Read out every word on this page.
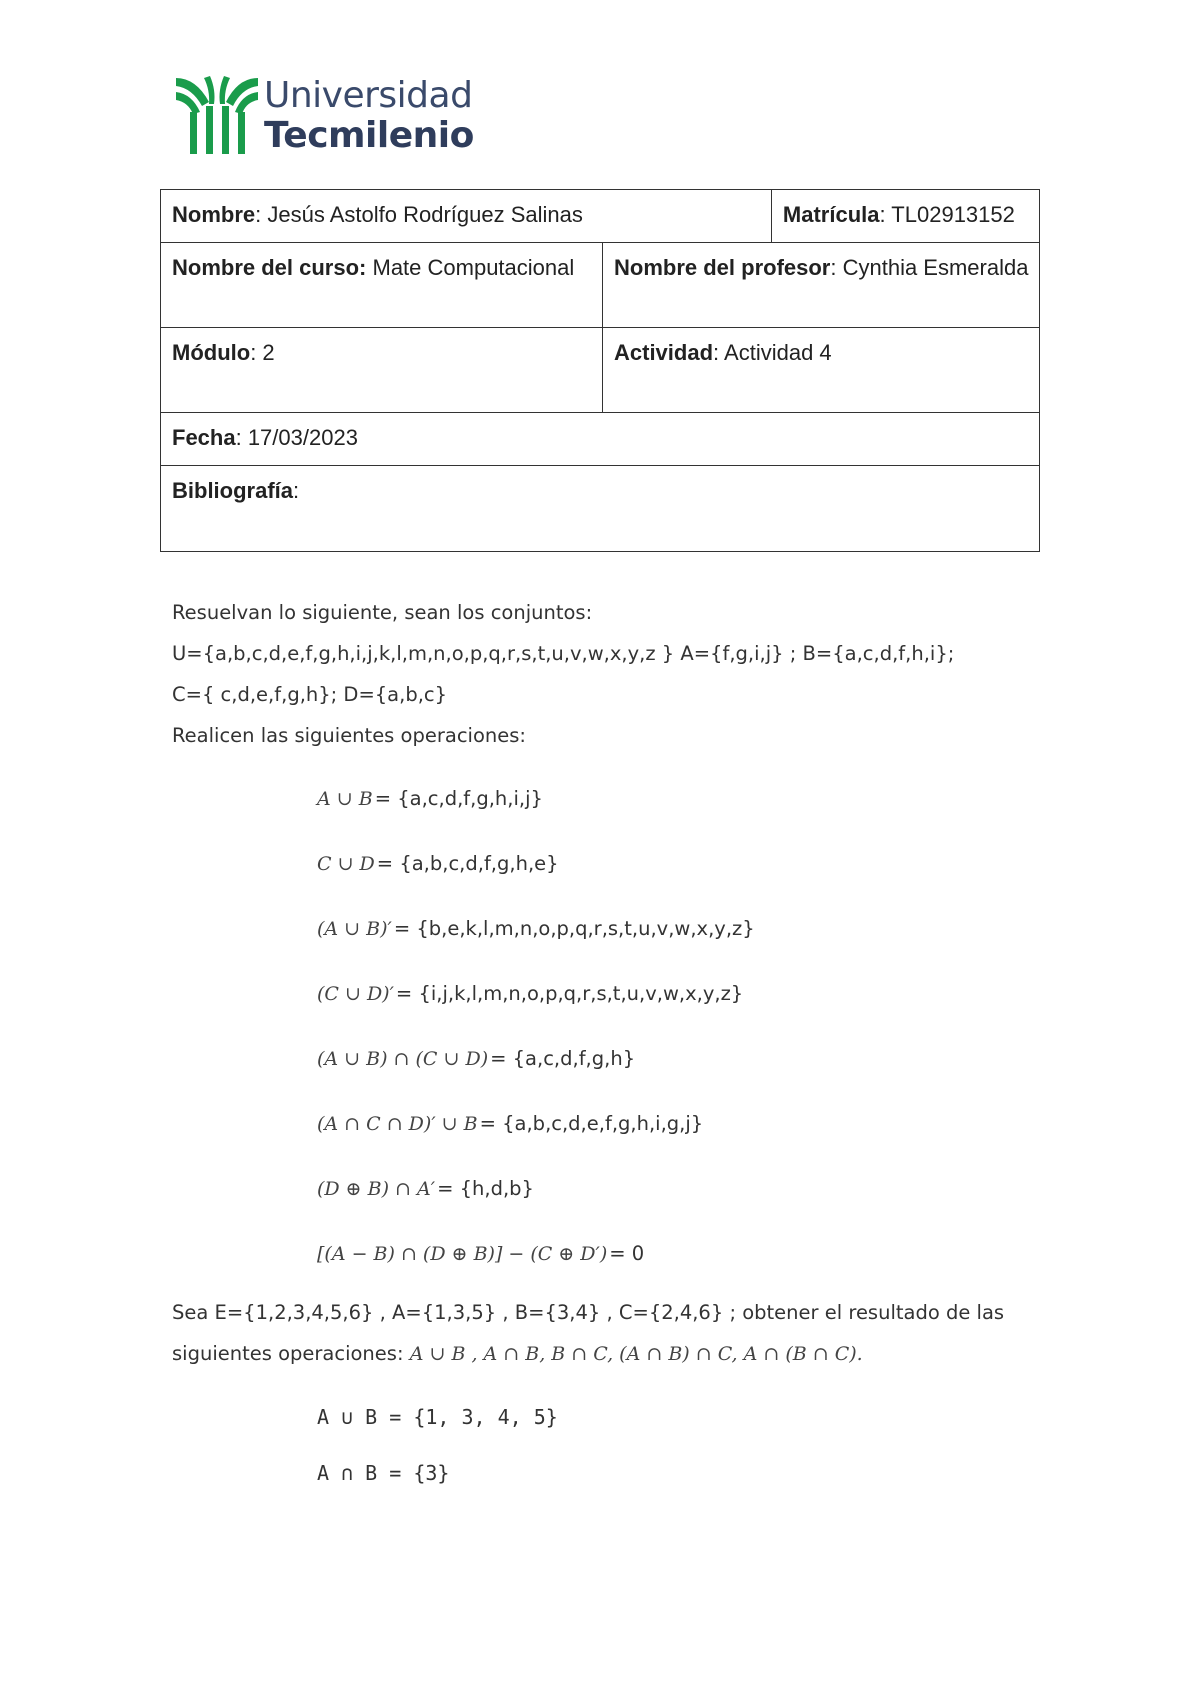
Universidad
Tecmilenio
Nombre: Jesús Astolfo Rodríguez Salinas		Matrícula: TL02913152
Nombre del curso: Mate Computacional	Nombre del profesor: Cynthia Esmeralda	
Módulo: 2	Actividad: Actividad 4	
Fecha: 17/03/2023		
Bibliografía:		

Resuelvan lo siguiente, sean los conjuntos:

U={a,b,c,d,e,f,g,h,i,j,k,l,m,n,o,p,q,r,s,t,u,v,w,x,y,z } A={f,g,i,j} ; B={a,c,d,f,h,i};

C={ c,d,e,f,g,h}; D={a,b,c}

Realicen las siguientes operaciones:

A ∪ B = {a,c,d,f,g,h,i,j}
C ∪ D = {a,b,c,d,f,g,h,e}
(A ∪ B)′ = {b,e,k,l,m,n,o,p,q,r,s,t,u,v,w,x,y,z}
(C ∪ D)′ = {i,j,k,l,m,n,o,p,q,r,s,t,u,v,w,x,y,z}
(A ∪ B) ∩ (C ∪ D) = {a,c,d,f,g,h}
(A ∩ C ∩ D)′ ∪ B = {a,b,c,d,e,f,g,h,i,g,j}
(D ⊕ B) ∩ A′ = {h,d,b}
[(A − B) ∩ (D ⊕ B)] − (C ⊕ D′) = 0

Sea E={1,2,3,4,5,6} , A={1,3,5} , B={3,4} , C={2,4,6} ; obtener el resultado de las

siguientes operaciones: A ∪ B , A ∩ B, B ∩ C, (A ∩ B) ∩ C, A ∩ (B ∩ C).

A ∪ B = {1, 3, 4, 5}
A ∩ B = {3}
